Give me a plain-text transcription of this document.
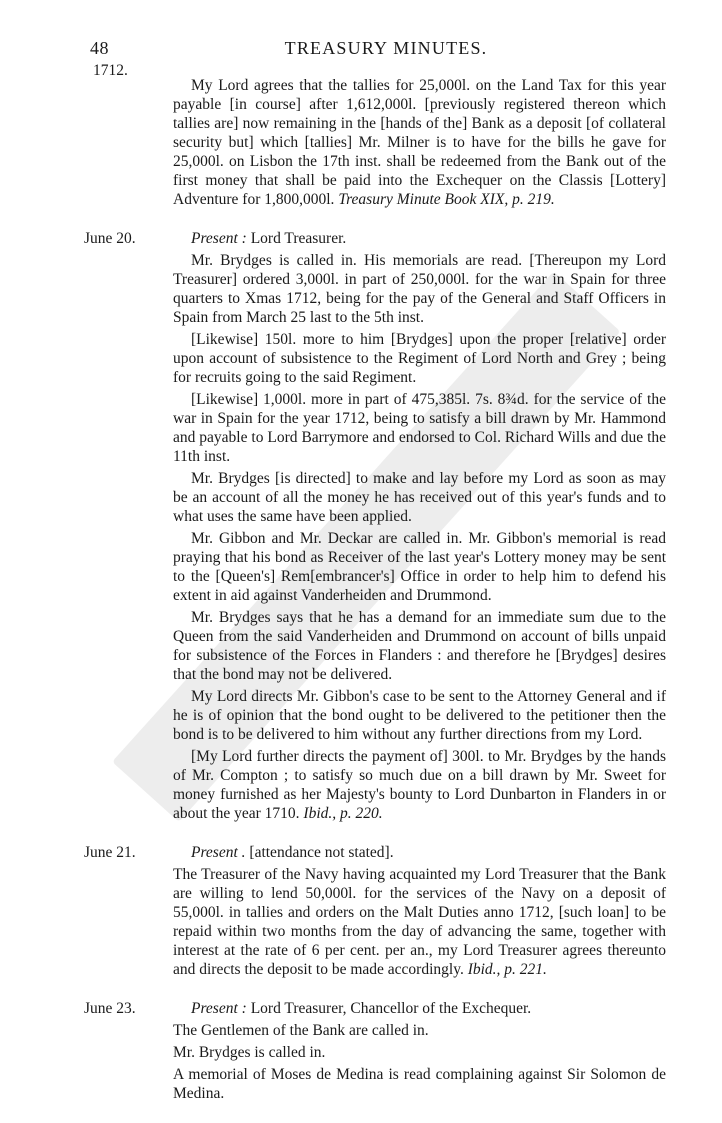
48	TREASURY MINUTES.
1712.

My Lord agrees that the tallies for 25,000l. on the Land Tax for this year payable [in course] after 1,612,000l. [previously registered thereon which tallies are] now remaining in the [hands of the] Bank as a deposit [of collateral security but] which [tallies] Mr. Milner is to have for the bills he gave for 25,000l. on Lisbon the 17th inst. shall be redeemed from the Bank out of the first money that shall be paid into the Exchequer on the Classis [Lottery] Adventure for 1,800,000l. Treasury Minute Book XIX, p. 219.

June 20.	Present : Lord Treasurer.

Mr. Brydges is called in. His memorials are read. [Thereupon my Lord Treasurer] ordered 3,000l. in part of 250,000l. for the war in Spain for three quarters to Xmas 1712, being for the pay of the General and Staff Officers in Spain from March 25 last to the 5th inst.

[Likewise] 150l. more to him [Brydges] upon the proper [relative] order upon account of subsistence to the Regiment of Lord North and Grey ; being for recruits going to the said Regiment.

[Likewise] 1,000l. more in part of 475,385l. 7s. 8¾d. for the service of the war in Spain for the year 1712, being to satisfy a bill drawn by Mr. Hammond and payable to Lord Barrymore and endorsed to Col. Richard Wills and due the 11th inst.

Mr. Brydges [is directed] to make and lay before my Lord as soon as may be an account of all the money he has received out of this year's funds and to what uses the same have been applied.

Mr. Gibbon and Mr. Deckar are called in. Mr. Gibbon's memorial is read praying that his bond as Receiver of the last year's Lottery money may be sent to the [Queen's] Rem[embrancer's] Office in order to help him to defend his extent in aid against Vanderheiden and Drummond.

Mr. Brydges says that he has a demand for an immediate sum due to the Queen from the said Vanderheiden and Drummond on account of bills unpaid for subsistence of the Forces in Flanders : and therefore he [Brydges] desires that the bond may not be delivered.

My Lord directs Mr. Gibbon's case to be sent to the Attorney General and if he is of opinion that the bond ought to be delivered to the petitioner then the bond is to be delivered to him without any further directions from my Lord.

[My Lord further directs the payment of] 300l. to Mr. Brydges by the hands of Mr. Compton ; to satisfy so much due on a bill drawn by Mr. Sweet for money furnished as her Majesty's bounty to Lord Dunbarton in Flanders in or about the year 1710. Ibid., p. 220.

June 21.	Present . [attendance not stated].

The Treasurer of the Navy having acquainted my Lord Treasurer that the Bank are willing to lend 50,000l. for the services of the Navy on a deposit of 55,000l. in tallies and orders on the Malt Duties anno 1712, [such loan] to be repaid within two months from the day of advancing the same, together with interest at the rate of 6 per cent. per an., my Lord Treasurer agrees thereunto and directs the deposit to be made accordingly. Ibid., p. 221.

June 23.	Present : Lord Treasurer, Chancellor of the Exchequer.

The Gentlemen of the Bank are called in.

Mr. Brydges is called in.

A memorial of Moses de Medina is read complaining against Sir Solomon de Medina.
